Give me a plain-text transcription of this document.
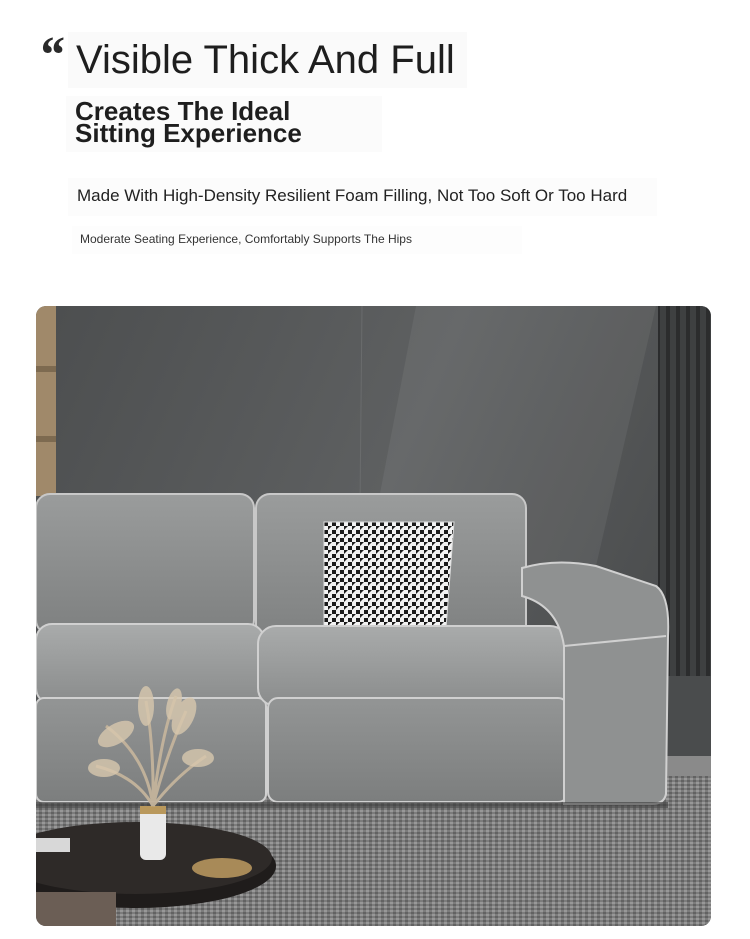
“ Visible Thick And Full
Creates The Ideal
Sitting Experience
Made With High-Density Resilient Foam Filling, Not Too Soft Or Too Hard
Moderate Seating Experience, Comfortably Supports The Hips
